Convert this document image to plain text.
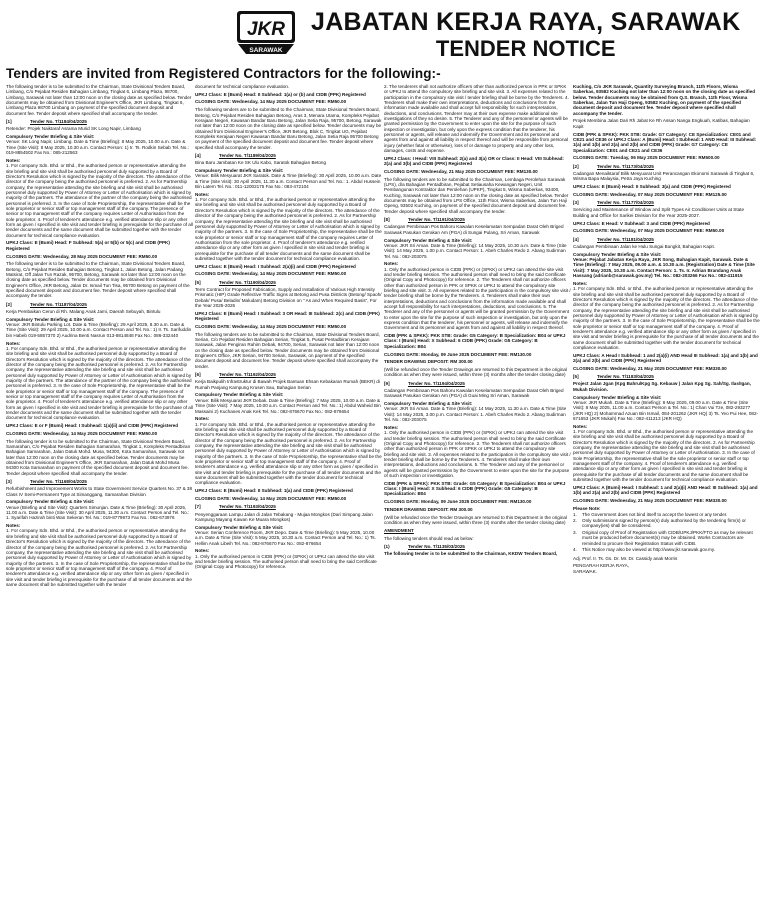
JKR
SARAWAK
JABATAN KERJA RAYA, SARAWAK
TENDER NOTICE
Tenders are invited from Registered Contractors for the following:-

The following tender is to be submitted to the Chairman, State Divisional Tenders Board, Limbang, C/o Pejabat Residen Bahagian Limbang, Tingkat 6, Limbang Plaza, 98700, Limbang, Sarawak not later than 12:00 noon on the closing date as specified below. Tender documents may be obtained from Divisional Engineer's Office, JKR Limbang, Tingkat 6, Limbang Plaza 98700 Limbang on payment of the specified document deposit and document fee. Tender deposit where specified shall accompany the tender.

[1]	Tender No. T/1184/04/2025

Retender: Projek Naiktaraf Asrama Murid SK Long Napir, Limbang

Compulsory Tender Briefing & Site Visit:

Venue: SK Long Napir, Limbang. Date & Time (Briefing): 8 May 2025, 10.00 a.m. Date & Time (Site Visit): 8 May 2025, 10.30 a.m. Contact Person: 1) Ir. Ts. Rodkin Sebab Tel. No.: 019-8854502 Fax No.: 085-212563

Notes:

1. For company Sdn. Bhd. or Bhd., the authorised person or representative attending the site briefing and site visit shall be authorised personnel duly supported by a Board of Director's Resolution which is signed by the majority of the directors. The attendance of the director of the company being the authorised personnel is preferred. 2. As for Partnership company, the representative attending the site briefing and site visit shall be authorised personnel duly supported by Power of Attorney or Letter of Authorisation which is signed by majority of the partners. The attendance of the partner of the company being the authorised personnel is preferred. 3. In the case of Sole Proprietorship, the representative shall be the sole proprietor or senior staff or top management staff of the company. The presence of senior or top management staff of the company requires Letter of Authorisation from the sole proprietor. 4. Proof of tenderer's attendance e.g. verified attendance slip or any other form as given / specified in site visit and tender briefing is prerequisite for the purchase of all tender documents and the same document shall be submitted together with the tender document for technical compliance evaluation.

UPKJ Class: E (Bumi) Head: F Subhead: 5(a) or 5(b) or 5(c) and CIDB (PPK) Registered

CLOSING DATE: Wednesday, 28 May 2025 DOCUMENT FEE: RM50.00

The following tender is to be submitted to the Chairman, State Divisional Tenders Board, Betong, C/o Pejabat Residen Bahagian Betong, Tingkat 1, Jalan Betong, Jalan Padang Matsirat, Off Jalan Tun Razak, 95700, Betong, Sarawak not later than 12:00 noon on the closing date as specified below. Tender documents may be obtained from Divisional Engineer's Office, JKR Betong, Jalan Dr. Ismail Tun Tisa, 95700 Betong on payment of the specified document deposit and document fee. Tender deposit where specified shall accompany the tender.

[2]	Tender No. T/1187/04/2025

Kerja Pembaikan Cerun di Rh. Malang Anak Jami, Daerah Sebuyah, Bintulu

Compulsory Tender Briefing & Site Visit:

Venue: JKR Bintulu Parking Lot. Date & Time (Briefing): 29 April 2025, 8.30 a.m. Date & Time (Site Visit): 29 April 2025, 10.00 a.m. Contact Person and Tel. No.: 1) Ir. Ts. Sarifuddin bin Habeb 019-5857370 2) Audrina Benti Nasrun 013-8814848 Fax No.: 086-332440

Notes:

1. For company Sdn. Bhd. or Bhd., the authorised person or representative attending the site briefing and site visit shall be authorised personnel duly supported by a Board of Director's Resolution which is signed by the majority of the directors. The attendance of the director of the company being the authorised personnel is preferred. 2. As for Partnership company, the representative attending the site briefing and site visit shall be authorised personnel duly supported by Power of Attorney or Letter of Authorisation which is signed by majority of the partners. The attendance of the partner of the company being the authorised personnel is preferred. 3. In the case of Sole Proprietorship, the representative shall be the sole proprietor or senior staff or top management staff of the company. The presence of senior or top management staff of the company requires Letter of Authorisation from the sole proprietor. 4. Proof of tenderer's attendance e.g. verified attendance slip or any other form as given / specified in site visit and tender briefing is prerequisite for the purchase of all tender documents and the same document shall be submitted together with the tender document for technical compliance evaluation.

UPKJ Class: E or F (Bumi) Head: I Subhead: 1(a)(ii) and CIDB (PPK) Registered

CLOSING DATE: Wednesday, 14 May 2025 DOCUMENT FEE: RM50.00

The following tender is to be submitted to the Chairman, State Divisional Tenders Board, Samarahan, C/o Pejabat Residen Bahagian Samarahan, Tingkat 1, Kompleks Pentadbiran Bahagian Samarahan, Jalan Datuk Mohd. Musa, 94300, Kota Samarahan, Sarawak not later than 12:00 noon on the closing date as specified below. Tender documents may be obtained from Divisional Engineer's Office, JKR Samarahan, Jalan Datuk Mohd Musa 94300 Kota Samarahan on payment of the specified document deposit and document fee. Tender deposit where specified shall accompany the tender.

[3]	Tender No. T/1168/04/2025

Refurbishment and Improvement Works to State Government Service Quarters No. 37 & 38 Class IV Semi-Permanent Type at Simanggang, Samarahan Division

Compulsory Tender Briefing & Site Visit:

Venue (Briefing and Site Visit): Quarters Simunjan. Date & Time (Briefing): 30 April 2025, 11.00 a.m. Date & Time (Site Visit): 30 April 2025, 11.30 a.m. Contact Person and Tel. No.: 1. Syarifah Hazirah binti Wan Sekeran Tel. No.: 019-8779973 Fax No.: 082-673976

Notes:

1. For company Sdn. Bhd. or Bhd., the authorised person or representative attending the site briefing and site visit shall be authorised personnel duly supported by a Board of Director's Resolution which is signed by the majority of the directors. The attendance of the director of the company being the authorised personnel is preferred. 2. As for Partnership company, the representative attending the site briefing and site visit shall be authorised personnel duly supported by Power of Attorney or Letter of Authorisation which is signed by majority of the partners. 3. In the case of Sole Proprietorship, the representative shall be the sole proprietor or senior staff or top management staff of the company. 4. Proof of tenderer's attendance e.g. verified attendance slip or any other form as given / specified in site visit and tender briefing is prerequisite for the purchase of all tender documents and the same document shall be submitted together with the tender

document for technical compliance evaluation.

UPKJ Class: E (Bumi) Head: II Subhead: 1(a) or (b) and CIDB (PPK) Registered

CLOSING DATE: Wednesday, 14 May 2025 DOCUMENT FEE: RM50.00

The following tenders are to be submitted to the Chairman, State Divisional Tenders Board, Betong, C/o Pejabat Residen Bahagian Betong, Aras 3, Menara Utama, Kompleks Pejabat Kerajaan Negeri, Kawasan Bandar Baru Betong, Jalan Setia Raja, 95700, Betong, Sarawak not later than 12:00 noon on the closing date as specified below. Tender documents may be obtained from Divisional Engineer's Office, JKR Betong, Blok C, Tingkat UG, Pejabat Kompleks Kerajaan Negeri Kawasan Bandar Baru Betong, Jalan Setia Raja 95700 Betong on payment of the specified document deposit and document fee. Tender deposit where specified shall accompany the tender.

[4]	Tender No. T/1189/04/2025

Bina Baru Jambatan Ke SK Ulu Kabo, Saratok Bahagian Betong

Compulsory Tender Briefing & Site Visit:

Venue: Bilik Mesyuarat JKR Saratok. Date & Time (Briefing): 30 April 2025, 10.00 a.m. Date & Time (Site Visit): 30 April 2025, 11.30 a.m. Contact Person and Tel. No.: 1. Abdul Hussein Bin Latem Tel. No.: 011-12002175 Fax No.: 083-472104

Notes:

1. For company Sdn. Bhd. or Bhd., the authorised person or representative attending the site briefing and site visit shall be authorised personnel duly supported by a Board of Director's Resolution which is signed by the majority of the directors. The attendance of the director of the company being the authorised personnel is preferred. 2. As for Partnership company, the representative attending the site briefing and site visit shall be authorised personnel duly supported by Power of Attorney or Letter of Authorisation which is signed by majority of the partners. 3. In the case of Sole Proprietorship, the representative shall be the sole proprietor or senior staff or top management staff of the company requires Letter of Authorisation from the sole proprietor. 4. Proof of tenderer's attendance e.g. verified attendance slip or any other form as given / specified in site visit and tender briefing is prerequisite for the purchase of all tender documents and the same document shall be submitted together with the tender document for technical compliance evaluation.

UPKJ Class: E (Bumi) Head: I Subhead: 2(a)(i) and CIDB (PPK) Registered

CLOSING DATE: Wednesday, 14 May 2025 DOCUMENT FEE: RM50.00

[5]	Tender No. T/1190/04/2025

Term Contract for Proposed Fabrication, Supply and Installation of Various High Intensity Prismatic (HIP) Grade Reflective Traffic Signs at Betong and Pusa Districts (Betong/ Spaoh/ Debak/ Pusa/ Beladin/ Maludam) Betong Division on " As and When Required Basis", For the Year 2025-2026

UPKJ Class: E (Bumi) Head: I Subhead: 3 OR Head: III Subhead: 2(c) and CIDB (PPK) Registered

CLOSING DATE: Wednesday, 14 May 2025 DOCUMENT FEE: RM50.00

The following tenders are to be submitted to the Chairman, State Divisional Tenders Board, Serian, C/o Pejabat Residen Bahagian Serian, Tingkat 5, Pusat Pentadbiran Kerajaan Sarawak, Jalan Pengiran Rahim Debak, 94700, Serian, Sarawak not later than 12:00 noon on the closing date as specified below. Tender documents may be obtained from Divisional Engineer's Office, JKR Serian, 94700 Serian, Sarawak, on payment of the specified document deposit and document fee. Tender deposit where specified shall accompany the tender.

[6]	Tender No. T/1192/04/2025

Kerja Baikpulih Infrastruktur di Bawah Projek Bantuan Ehsan Kebakaran Rumah (BEKR) di Rumah Panjang Kampung Krusen Sau, Bahagian Serian

Compulsory Tender Briefing & Site Visit:

Venue: Bilik Mesyuarat JKR Debak. Date & Time (Briefing): 7 May 2025, 10.00 a.m. Date & Time (Site Visit): 7 May 2025, 10.00 a.m. Contact Person and Tel. No.: 1) Abdul Waheid Bin Massaini 2) Kuchanes Anak Kek Tel. No.: 082-876670 Fax No.: 082-876654

Notes:

1. For company Sdn. Bhd. or Bhd., the authorised person or representative attending the site briefing and site visit shall be authorised personnel duly supported by a Board of Director's Resolution which is signed by the majority of the directors. The attendance of the director of the company being the authorised personnel is preferred. 2. As for Partnership company, the representative attending the site briefing and site visit shall be authorised personnel duly supported by Power of Attorney or Letter of Authorisation which is signed by majority of the partners. 3. In the case of Sole Proprietorship, the representative shall be the sole proprietor or senior staff or top management staff of the company. 4. Proof of tenderer's attendance e.g. verified attendance slip or any other form as given / specified in site visit and tender briefing is prerequisite for the purchase of all tender documents and the same document shall be submitted together with the tender document for technical compliance evaluation.

UPKJ Class: E (Bumi) Head: II Subhead: 1(a) and CIDB (PPK) Registered

CLOSING DATE: Wednesday, 14 May 2025 DOCUMENT FEE: RM50.00

[7]	Tender No. T/1193/04/2025

Penyenggaraan Lampu Jalan di Jalan Tebakang - Mujaa Mongkos (Dari Simpang Jalan Kampung Mayang Kawan Ke Muara Mongkos)

Compulsory Tender Briefing & Site Visit:

Venue: Serian Conference Room, JKR Depo. Date & Time (Briefing): 5 May 2025, 10.00 a.m. Date & Time (Site Visit): 5 May 2025, 10.30 a.m. Contact Person and Tel. No.: 1) Ts. Hellim Anak Libeih Tel. No.: 082-876670 Fax No.: 082-876654

Notes:

1. Only the authorised person in CIDB (PPK) or (SPKK) or UPKJ can attend the site visit and tender briefing session. The authorised person shall need to bring the said Certificate (Original Copy and Photocopy) for reference.

2. The tenderers shall not authorize officers other than authorized person in PPK or SPKK or UPKJ to attend the compulsory site briefing and site visit. 3. All expenses related to the participation in the compulsory site visit / tender briefing shall be borne by the Tenderers. 4. Tenderers shall make their own interpretations, deductions and conclusions from the information made available and shall accept full responsibility for such interpretations, deductions, and conclusions. Tenderer may at their own expense make additional site investigations of they so desire. 5. The Tenderer and any of the personnel or agents will be granted permission by the Government to enter upon the site for the purpose of such inspection or investigation, but only upon the express condition that the tenderer, his personnel or agents, will release and indemnify the Government and its personnel and agents from and against all liability in respect thereof and will be responsible from personal injury (whether fatal or otherwise), loss of or damage to property and any other loss, damages, costs and expense.

UPKJ Class: I Head: VIII Subhead: 2(a) and 3(a) OR or Class: II Head: VIII Subhead: 2(a) and 3(b) and CIDB (PPK) Registered

CLOSING DATE: Wednesday, 21 May 2025 DOCUMENT FEE: RM130.00

The following tenders are to be submitted to the Chairman, Lembaga Perolehan Sarawak (LPS), d/a Bahagian Pentadbiran, Pejabat Setiausaha Kewangan Negeri, Unit Pembangunan Kontraktor dan Perolehan (UPKP), Tingkat 5, Wisma Saberkas, 93400, Kuching, Sarawak not later than 12:00 noon on the closing date as specified below. Tender documents may be obtained from LPS Office, 11th Floor, Wisma Saberkas, Jalan Tun Haji Openg, 93502 Kuching, on payment of the specified document deposit and document fee. Tender deposit where specified shall accompany the tender.

[8]	Tender No. T/1191/04/2025

Cadangan Pembinaan Pos Bahoru Kawalan Keselamatan Sempadan Darat Oleh Briged Sarawak Pasukan Gerakan Am (PGA) di Sungai Pulang, Sri Aman, Sarawak

Compulsory Tender Briefing & Site Visit:

Venue: JKR Sri Aman. Date & Time (Briefing): 14 May 2025, 10.30 a.m. Date & Time (Site Visit): 14 May 2025, 1.00 p.m. Contact Person: 1. Abeh Charles Redo 2. Abang Sudirman Tel. No.: 082-203075

Notes:

1. Only the authorised person in CIDB (PPK) or (SPKK) or UPKJ can attend the site visit and tender briefing session. The authorised person shall need to bring the said Certificate (Original Copy and Photocopy) for reference. 2. The Tenderers shall not authorize officers other than authorized person in PPK or SPKK or UPKJ to attend the compulsory site briefing and site visit. 3. All expenses related to the participation in the compulsory site visit / tender briefing shall be borne by the Tenderers. 4. Tenderers shall make their own interpretations, deductions and conclusions from the information made available and shall accept full responsibility for such interpretations, deductions, and conclusions. 5. The Tenderer and any of the personnel or agents will be granted permission by the Government to enter upon the site for the purpose of such inspection or investigation, but only upon the express condition that the tenderer, his personnel or agents, will release and indemnify the Government and its personnel and agents from and against all liability in respect thereof.

CIDB (PPK & SPKK): PKK STB: Grade: G5 Category: B Specialization: B04 or UPKJ Class: I (Bumi) Head: X Subhead: 6 CIDB (PPK) Grade: G5 Category: B Specialization: B04

CLOSING DATE: Monday, 09 June 2025 DOCUMENT FEE: RM130.00

TENDER DRAWING DEPOSIT: RM 300.00

(Will be refunded once the Tender Drawings are returned to this Department in the original condition as when they were issued, within three (3) months after the tender closing date)

[9]	Tender No. T/1194/04/2025

Cadangan Pembinaan Pos Bahoru Kawalan Keselamatan Sempadan Darat Oleh Briged Sarawak Pasukan Gerakan Am (PGA) di Guai Ming Sri Aman, Sarawak

Compulsory Tender Briefing & Site Visit:

Venue: JKR Sri Aman. Date & Time (Briefing): 14 May 2025, 11.30 a.m. Date & Time (Site Visit): 14 May 2025, 3.00 p.m. Contact Person: 1. Abeh Charles Redo 2. Abang Sudirman Tel. No.: 082-203075

Notes:

1. Only the authorised person in CIDB (PPK) or (SPKK) or UPKJ can attend the site visit and tender briefing session. The authorised person shall need to bring the said Certificate (Original Copy and Photocopy) for reference. 2. The Tenderers shall not authorize officers other than authorized person in PPK or SPKK or UPKJ to attend the compulsory site briefing and site visit. 3. All expenses related to the participation in the compulsory site visit / tender briefing shall be borne by the Tenderers. 4. Tenderers shall make their own interpretations, deductions and conclusions. 5. The Tenderer and any of the personnel or agents will be granted permission by the Government to enter upon the site for the purpose of such inspection or investigation.

CIDB (PPK & SPKK): PKK STB: Grade: G5 Category: B Specialization: B04 or UPKJ Class: I (Bumi) Head: X Subhead: 6 CIDB (PPK) Grade: G5 Category: B Specialization: B04

CLOSING DATE: Monday, 09 June 2025 DOCUMENT FEE: RM130.00

TENDER DRAWING DEPOSIT: RM 300.00

(Will be refunded once the Tender Drawings are returned to this Department in the original condition as when they were issued, within three (3) months after the tender closing date)

AMENDMENT

The following tenders should read as below:

(1)	Tender No. T/1135/03/2025

The following tender is to be submitted to the Chairman, KKDW Tenders Board,

Kuching, C/o JKR Sarawak, Quantity Surveying Branch, 11th Floors, Wisma Saberkas, 93582 Kuching not later than 12:00 noon on the closing date as specified below. Tender documents may be obtained from Q.S. Branch, 11th Floor, Wisma Saberkas, Jalan Tun Haji Openg, 93582 Kuching, on payment of the specified document deposit and document fee. Tender deposit where specified shall accompany the tender.

Projek Membina Jalan Dari Rh Jabat Ke Rh Assan Nanga Engkuah, Katibas, Bahagian Kapit

CIDB (PPK & SPKK): PKK STB: Grade: G7 Category: CE Specialization: CE01 and CE21 and CE36 or UPKJ Class: A (Bumi) Head: I Subhead: 1 AND Head: III Subhead: 1(a) and 1(b) and 2(a) and 2(b) and CIDB (PPK) Grade: G7 Category: CE Specialization: CE01 and CE21 and CE36

CLOSING DATE: Tuesday, 06 May 2025 DOCUMENT FEE: RM500.00

[2]	Tender No. T/1173/04/2025

Cadangan Menaiktaraf Bilik Mesyuarat Unit Perancangan Ekonomi Sarawak di Tingkat 6, Wisma Bapa Malaysia, Petra Jaya Kuching

UPKJ Class: E (Bumi) Head: II Subhead: 3(a) and CIDB (PPK) Registered

CLOSING DATE: Wednesday, 07 May 2025 DOCUMENT FEE: RM125.00

[3]	Tender No. T/1177/04/2025

Servicing and Maintenance of Window and Split Types Air Conditioner Units at State Building and Office for Sarikei Division for the Year 2025-2027.

UPKJ Class: E Head: V Subhead: 3 and CIDB (PPK) Registered

CLOSING DATE: Wednesday, 07 May 2025 DOCUMENT FEE: RM50.00

[4]	Tender No. T/1181/04/2025

Cadangan Pembinaan Jalan ke Hulu Sungai Bungkit, Bahagian Kapit.

Compulsory Tender Briefing & Site Visit:

Venue: Pejabat Jabatan Kerja Raya, JKR Song, Bahagian Kapit, Sarawak. Date & Time (Briefing): 7 May 2025, 09.00 a.m. & 10.30 a.m. (Registration) Date & Time (Site Visit): 7 May 2025, 10.30 a.m. Contact Person: 1. Ts. Ir. Adrian Brandang Anak Hassang (adrianb@sarawak.gov.my) Tel. No.: 082-203266 Fax No.: 082-411915

Notes:

1. For company Sdn. Bhd. or Bhd., the authorised person or representative attending the site briefing and site visit shall be authorised personnel duly supported by a Board of Director's Resolution which is signed by the majority of the directors. The attendance of the director of the company being the authorised personnel is preferred. 2. As for Partnership company, the representative attending the site briefing and site visit shall be authorised personnel duly supported by Power of Attorney or Letter of Authorisation which is signed by majority of the partners. 3. In the case of Sole Proprietorship, the representative shall be the sole proprietor or senior staff or top management staff of the company. 4. Proof of tenderer's attendance e.g. verified attendance slip or any other form as given / specified in site visit and tender briefing is prerequisite for the purchase of all tender documents and the same document shall be submitted together with the tender document for technical compliance evaluation.

UPKJ Class: A Head I Subhead: 1 and 2(a)(i) AND Head III Subhead: 1(a) and 1(b) and 2(a) and 2(b) and CIDB (PPK) Registered

CLOSING DATE: Wednesday, 21 May 2025 DOCUMENT FEE: RM330.00

[5]	Tender No. T/1183/04/2025

Project Jalan Jgan (Kpg Bahru/Kpg Sg. Kebauw ) Jalan Kpg Sg. Sah/Sg. Ilas/Igan, Mukah Division.

Compulsory Tender Briefing & Site Visit:

Venue: JKR Mukah. Date & Time (Briefing): 8 May 2025, 09.00 a.m. Date & Time (Site Visit): 8 May 2025, 11.00 a.m. Contact Person & Tel. No.: 1) Chan Vui Tze, 082-293277 (JKR HQ) 2) Mohammad Azuan Bin Ismail, 084-201262 (JKR HQ) 3) Ts. Yeo Pui Hee, 082-671653 (JKR Mukah) Fax No.: 082-411213 (JKR HQ)

Notes:

1. For company Sdn. Bhd. or Bhd., the authorised person or representative attending the site briefing and site visit shall be authorised personnel duly supported by a Board of Director's Resolution which is signed by the majority of the directors. 2. As for Partnership company, the representative attending the site briefing and site visit shall be authorised personnel duly supported by Power of Attorney or Letter of Authorisation. 3. In the case of Sole Proprietorship, the representative shall be the sole proprietor or senior staff or top management staff of the company. 4. Proof of tenderer's attendance e.g. verified attendance slip or any other form as given / specified in site visit and tender briefing is prerequisite for the purchase of all tender documents and the same document shall be submitted together with the tender document for technical compliance evaluation.

UPKJ Class: A (Bumi) Head: I Subhead: 1 and 2(a)(i) AND Head: III Subhead: 1(a) and 1(b) and 2(a) and 2(b) and CIDB (PPK) Registered

CLOSING DATE: Wednesday, 21 May 2025 DOCUMENT FEE: RM330.00

Please Note:
1.	The Government does not bind itself to accept the lowest or any tender.
2.	Only submissions signed by person(s) duly authorised by the tendering firm(s) or company(ies) shall be considered.
3.	Original copy of Proof of Registration with CIDB/UPKJ/PKK/FTO as may be relevant must be produced before document(s) may be obtained. Works Contractors are reminded to procure their Registration Status with CIDB.
4.	This Notice may also be viewed at http://www.jkr.sarawak.gov.my.

Adj. Prof. Ir. Ts. Gs. Dr. Mr. Dr. Cassidy anak Morris

PENGARAH KERJA RAYA,

SARAWAK.
